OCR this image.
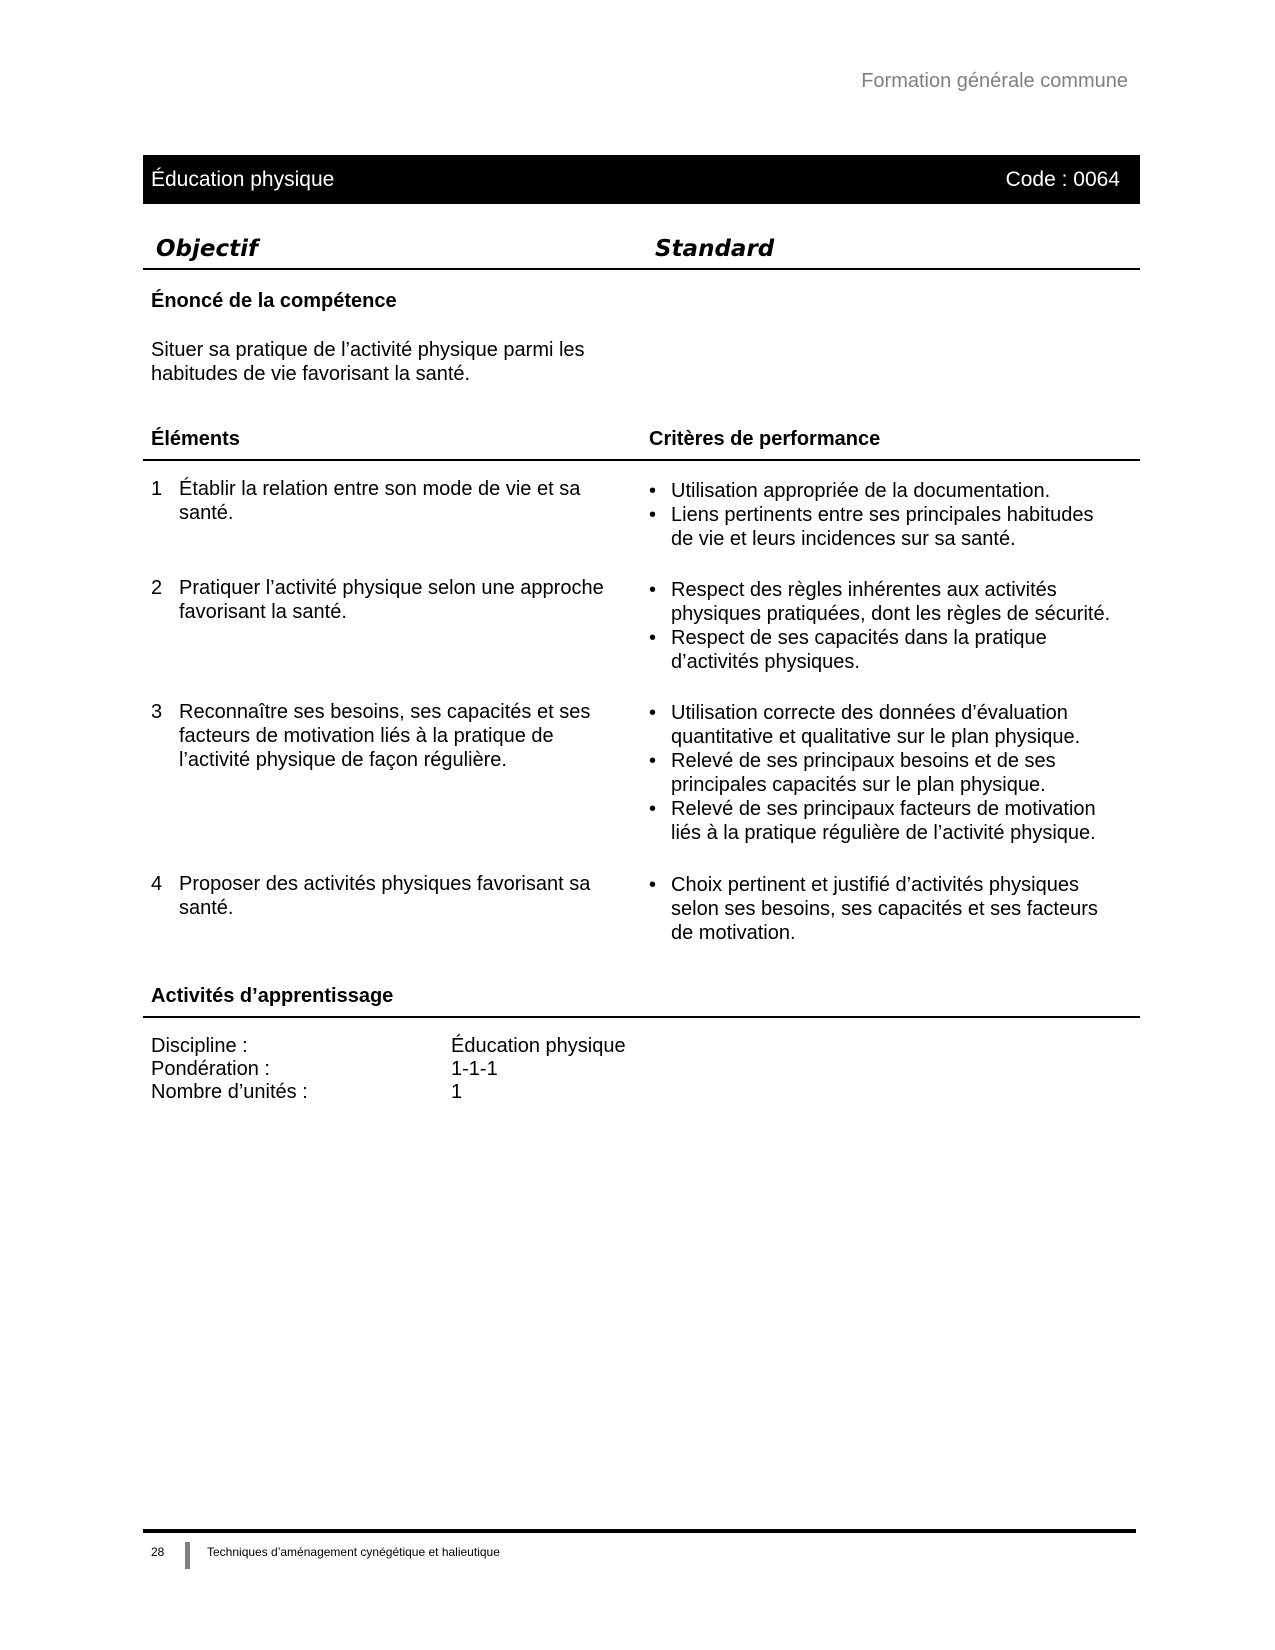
Formation générale commune
Éducation physique	Code : 0064
Objectif	Standard
Énoncé de la compétence
Situer sa pratique de l’activité physique parmi les
habitudes de vie favorisant la santé.
Éléments	Critères de performance
1 Établir la relation entre son mode de vie et sa
santé.
• Utilisation appropriée de la documentation.
• Liens pertinents entre ses principales habitudes
de vie et leurs incidences sur sa santé.
2 Pratiquer l’activité physique selon une approche
favorisant la santé.
• Respect des règles inhérentes aux activités
physiques pratiquées, dont les règles de sécurité.
• Respect de ses capacités dans la pratique
d’activités physiques.
3 Reconnaître ses besoins, ses capacités et ses
facteurs de motivation liés à la pratique de
l’activité physique de façon régulière.
• Utilisation correcte des données d’évaluation
quantitative et qualitative sur le plan physique.
• Relevé de ses principaux besoins et de ses
principales capacités sur le plan physique.
• Relevé de ses principaux facteurs de motivation
liés à la pratique régulière de l’activité physique.
4 Proposer des activités physiques favorisant sa
santé.
• Choix pertinent et justifié d’activités physiques
selon ses besoins, ses capacités et ses facteurs
de motivation.
Activités d’apprentissage
Discipline :	Éducation physique
Pondération :	1-1-1
Nombre d’unités :	1
28	Techniques d’aménagement cynégétique et halieutique
